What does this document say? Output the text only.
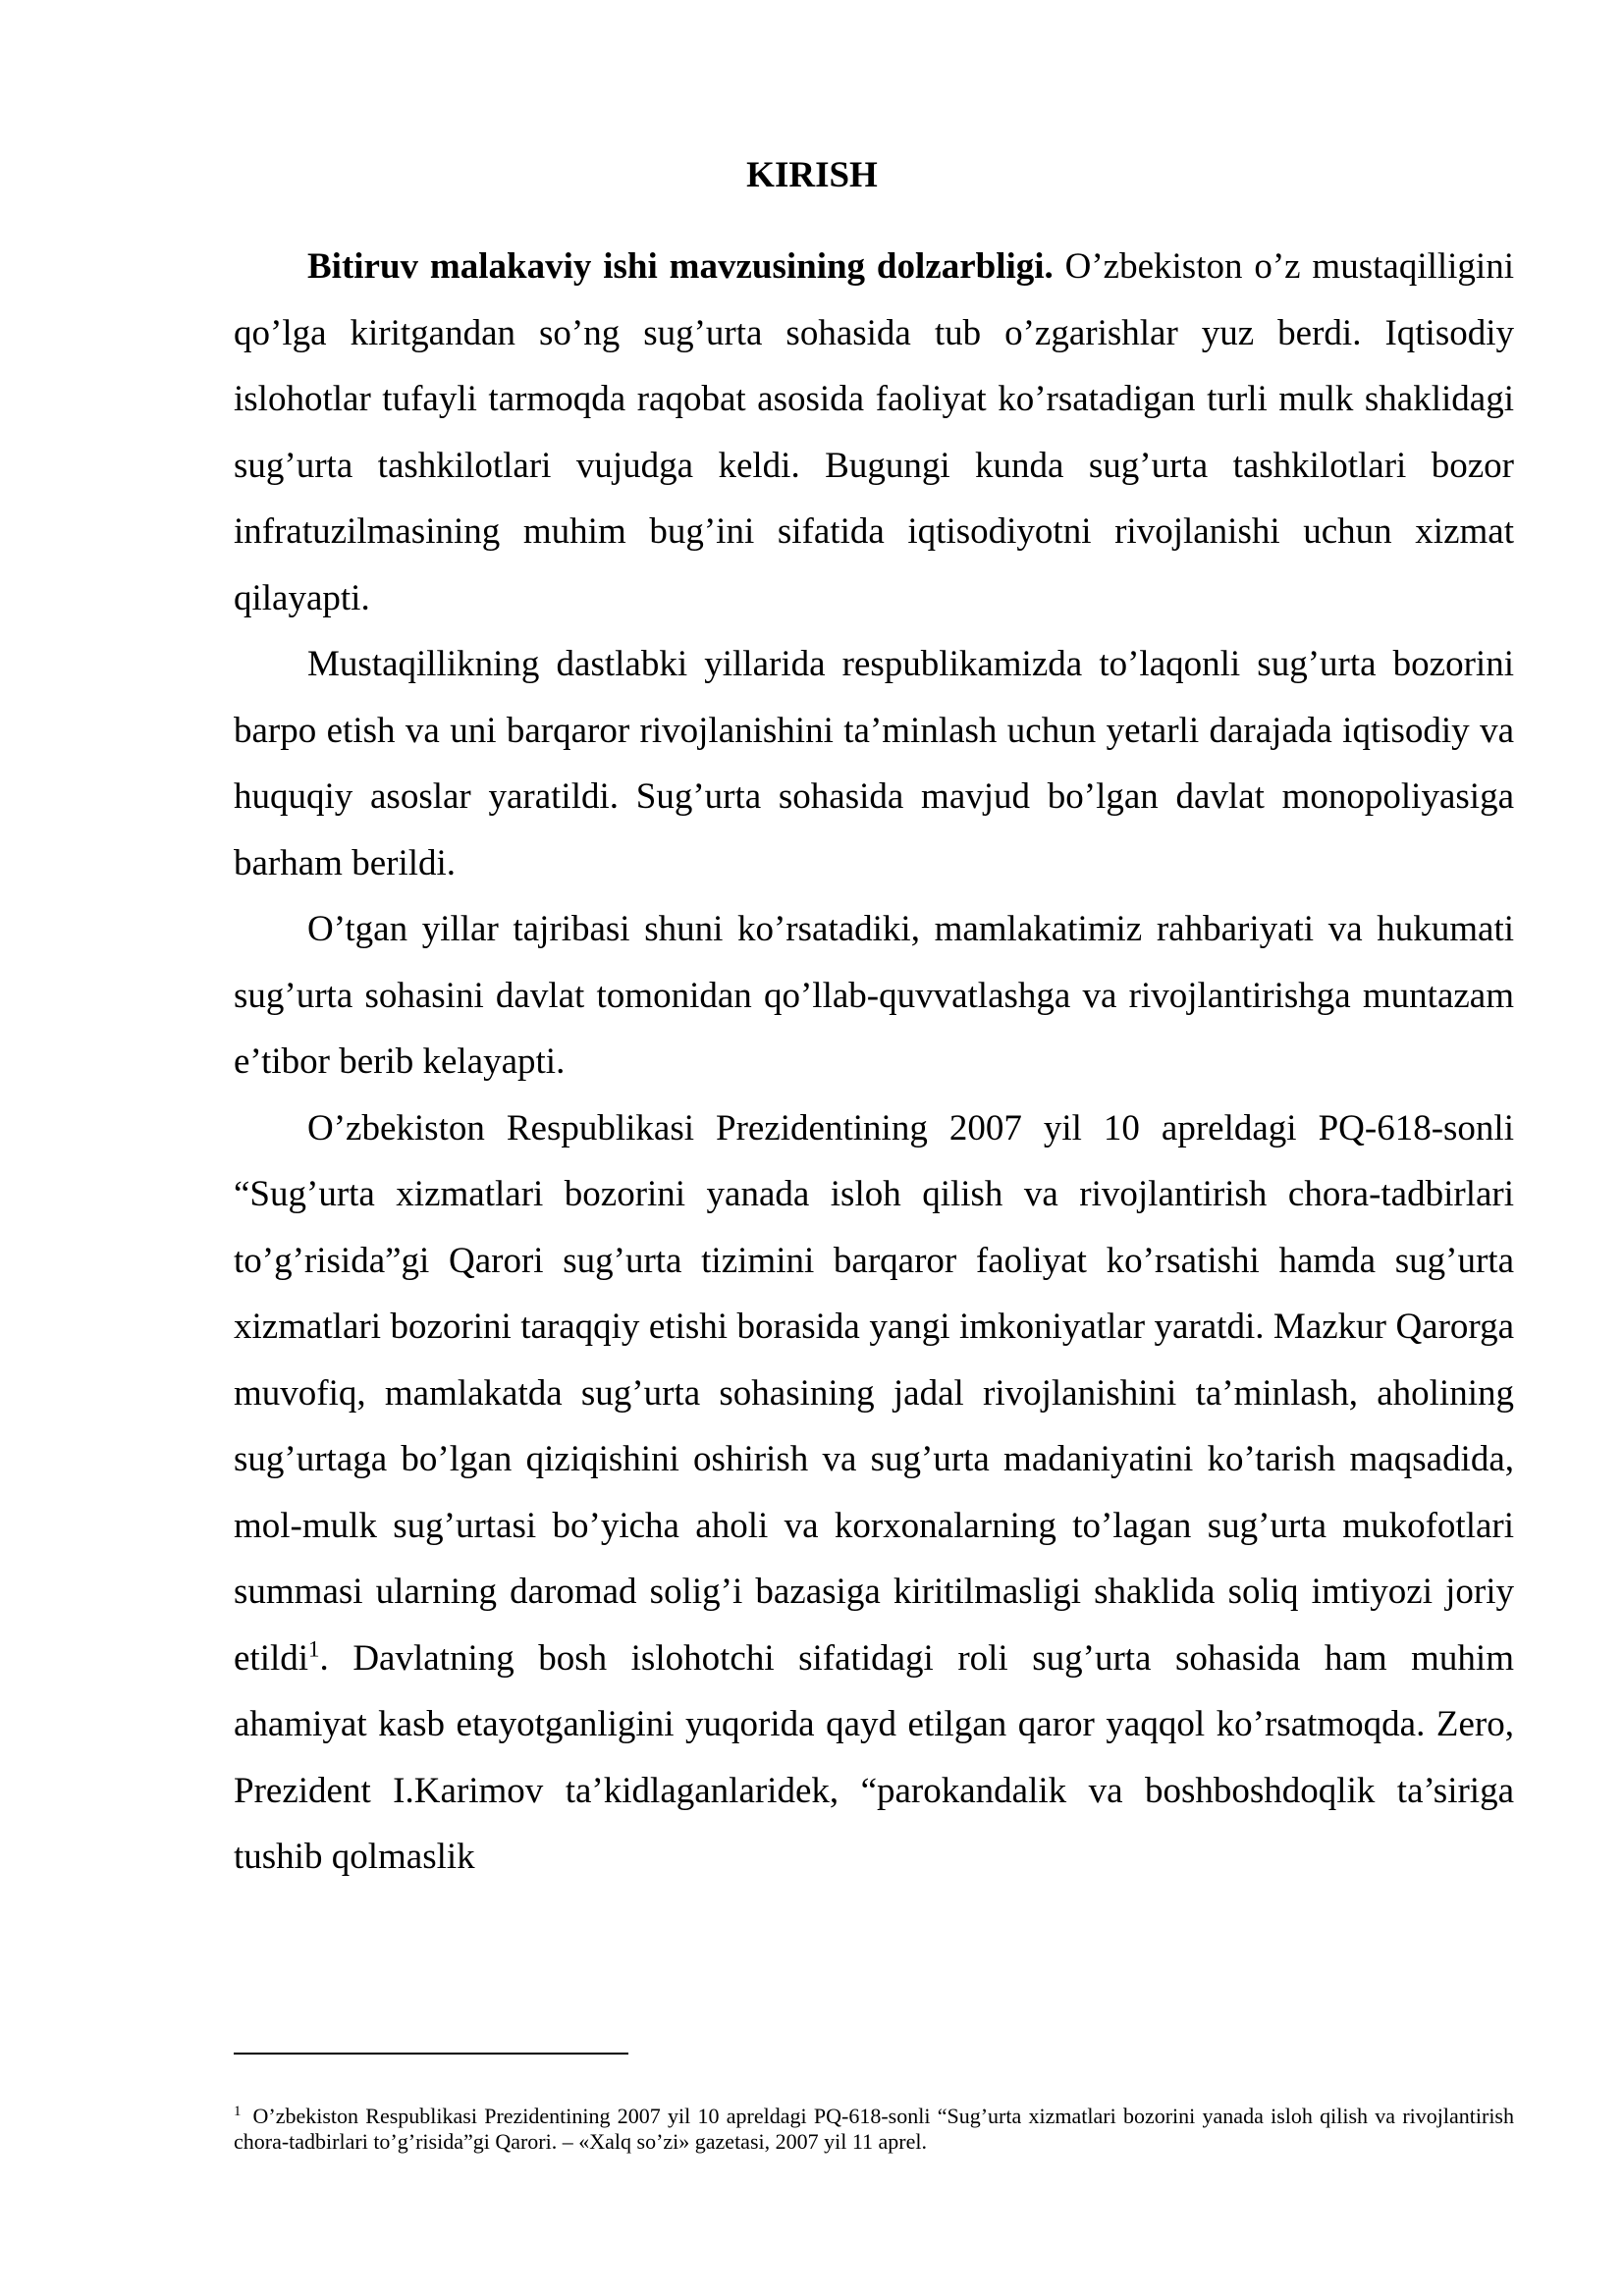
KIRISH

Bitiruv malakaviy ishi mavzusining dolzarbligi. O’zbekiston o’z mustaqilligini qo’lga kiritgandan so’ng sug’urta sohasida tub o’zgarishlar yuz berdi. Iqtisodiy islohotlar tufayli tarmoqda raqobat asosida faoliyat ko’rsatadigan turli mulk shaklidagi sug’urta tashkilotlari vujudga keldi. Bugungi kunda sug’urta tashkilotlari bozor infratuzilmasining muhim bug’ini sifatida iqtisodiyotni rivojlanishi uchun xizmat qilayapti.

Mustaqillikning dastlabki yillarida respublikamizda to’laqonli sug’urta bozorini barpo etish va uni barqaror rivojlanishini ta’minlash uchun yetarli darajada iqtisodiy va huquqiy asoslar yaratildi. Sug’urta sohasida mavjud bo’lgan davlat monopoliyasiga barham berildi.

O’tgan yillar tajribasi shuni ko’rsatadiki, mamlakatimiz rahbariyati va hukumati sug’urta sohasini davlat tomonidan qo’llab-quvvatlashga va rivojlantirishga muntazam e’tibor berib kelayapti.

O’zbekiston Respublikasi Prezidentining 2007 yil 10 apreldagi PQ-618-sonli “Sug’urta xizmatlari bozorini yanada isloh qilish va rivojlantirish chora-tadbirlari to’g’risida”gi Qarori sug’urta tizimini barqaror faoliyat ko’rsatishi hamda sug’urta xizmatlari bozorini taraqqiy etishi borasida yangi imkoniyatlar yaratdi. Mazkur Qarorga muvofiq, mamlakatda sug’urta sohasining jadal rivojlanishini ta’minlash, aholining sug’urtaga bo’lgan qiziqishini oshirish va sug’urta madaniyatini ko’tarish maqsadida, mol-mulk sug’urtasi bo’yicha aholi va korxonalarning to’lagan sug’urta mukofotlari summasi ularning daromad solig’i bazasiga kiritilmasligi shaklida soliq imtiyozi joriy etildi$^1$. Davlatning bosh islohotchi sifatidagi roli sug’urta sohasida ham muhim ahamiyat kasb etayotganligini yuqorida qayd etilgan qaror yaqqol ko’rsatmoqda. Zero, Prezident I.Karimov ta’kidlaganlaridek, “parokandalik va boshboshdoqlik ta’siriga tushib qolmaslik

$^1$ O’zbekiston Respublikasi Prezidentining 2007 yil 10 apreldagi PQ-618-sonli “Sug’urta xizmatlari bozorini yanada isloh qilish va rivojlantirish chora-tadbirlari to’g’risida”gi Qarori. – «Xalq so’zi» gazetasi, 2007 yil 11 aprel.
